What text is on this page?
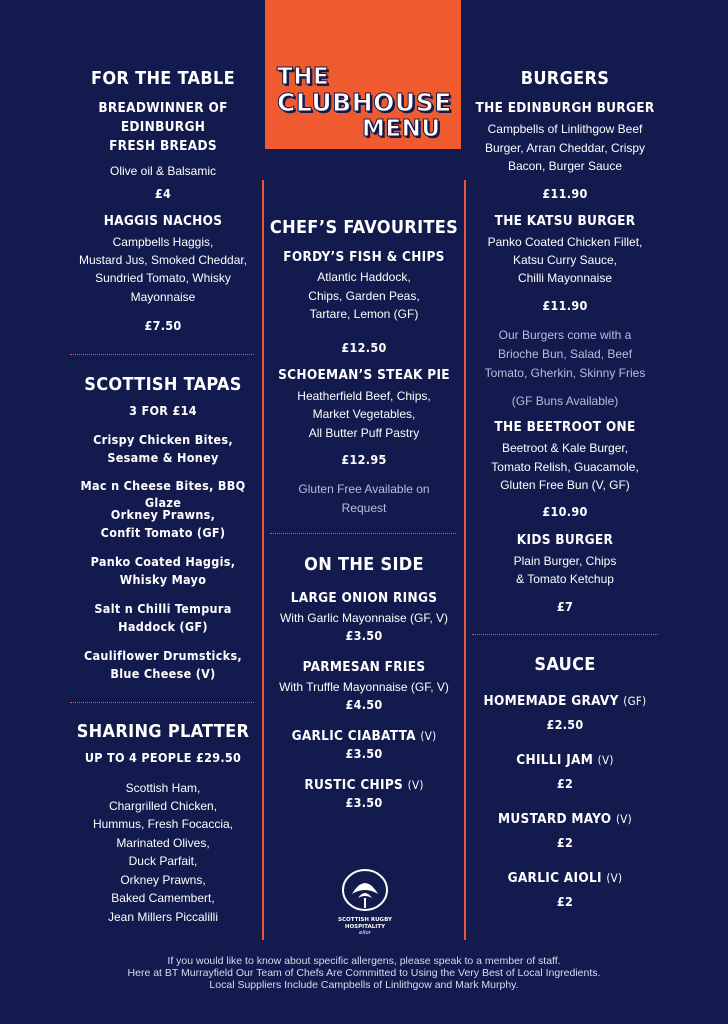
THE
CLUBHOUSE
MENU
FOR THE TABLE
BREADWINNER OF
EDINBURGH
FRESH BREADS
Olive oil & Balsamic
£4
HAGGIS NACHOS
Campbells Haggis,
Mustard Jus, Smoked Cheddar,
Sundried Tomato, Whisky
Mayonnaise
£7.50
SCOTTISH TAPAS
3 FOR £14
Crispy Chicken Bites,
Sesame & Honey
Mac n Cheese Bites, BBQ Glaze
Orkney Prawns,
Confit Tomato (GF)
Panko Coated Haggis,
Whisky Mayo
Salt n Chilli Tempura
Haddock (GF)
Cauliflower Drumsticks,
Blue Cheese (V)
SHARING PLATTER
UP TO 4 PEOPLE £29.50
Scottish Ham,
Chargrilled Chicken,
Hummus, Fresh Focaccia,
Marinated Olives,
Duck Parfait,
Orkney Prawns,
Baked Camembert,
Jean Millers Piccalilli
CHEF’S FAVOURITES
FORDY’S FISH & CHIPS
Atlantic Haddock,
Chips, Garden Peas,
Tartare, Lemon (GF)
£12.50
SCHOEMAN’S STEAK PIE
Heatherfield Beef, Chips,
Market Vegetables,
All Butter Puff Pastry
£12.95
Gluten Free Available on
Request
ON THE SIDE
LARGE ONION RINGS
With Garlic Mayonnaise (GF, V)
£3.50
PARMESAN FRIES
With Truffle Mayonnaise (GF, V)
£4.50
GARLIC CIABATTA (V)
£3.50
RUSTIC CHIPS (V)
£3.50
SCOTTISH RUGBY
HOSPITALITY
elior
BURGERS
THE EDINBURGH BURGER
Campbells of Linlithgow Beef
Burger, Arran Cheddar, Crispy
Bacon, Burger Sauce
£11.90
THE KATSU BURGER
Panko Coated Chicken Fillet,
Katsu Curry Sauce,
Chilli Mayonnaise
£11.90
Our Burgers come with a
Brioche Bun, Salad, Beef
Tomato, Gherkin, Skinny Fries
(GF Buns Available)
THE BEETROOT ONE
Beetroot & Kale Burger,
Tomato Relish, Guacamole,
Gluten Free Bun (V, GF)
£10.90
KIDS BURGER
Plain Burger, Chips
& Tomato Ketchup
£7
SAUCE
HOMEMADE GRAVY (GF)
£2.50
CHILLI JAM (V)
£2
MUSTARD MAYO (V)
£2
GARLIC AIOLI (V)
£2
If you would like to know about specific allergens, please speak to a member of staff.
Here at BT Murrayfield Our Team of Chefs Are Committed to Using the Very Best of Local Ingredients.
Local Suppliers Include Campbells of Linlithgow and Mark Murphy.
